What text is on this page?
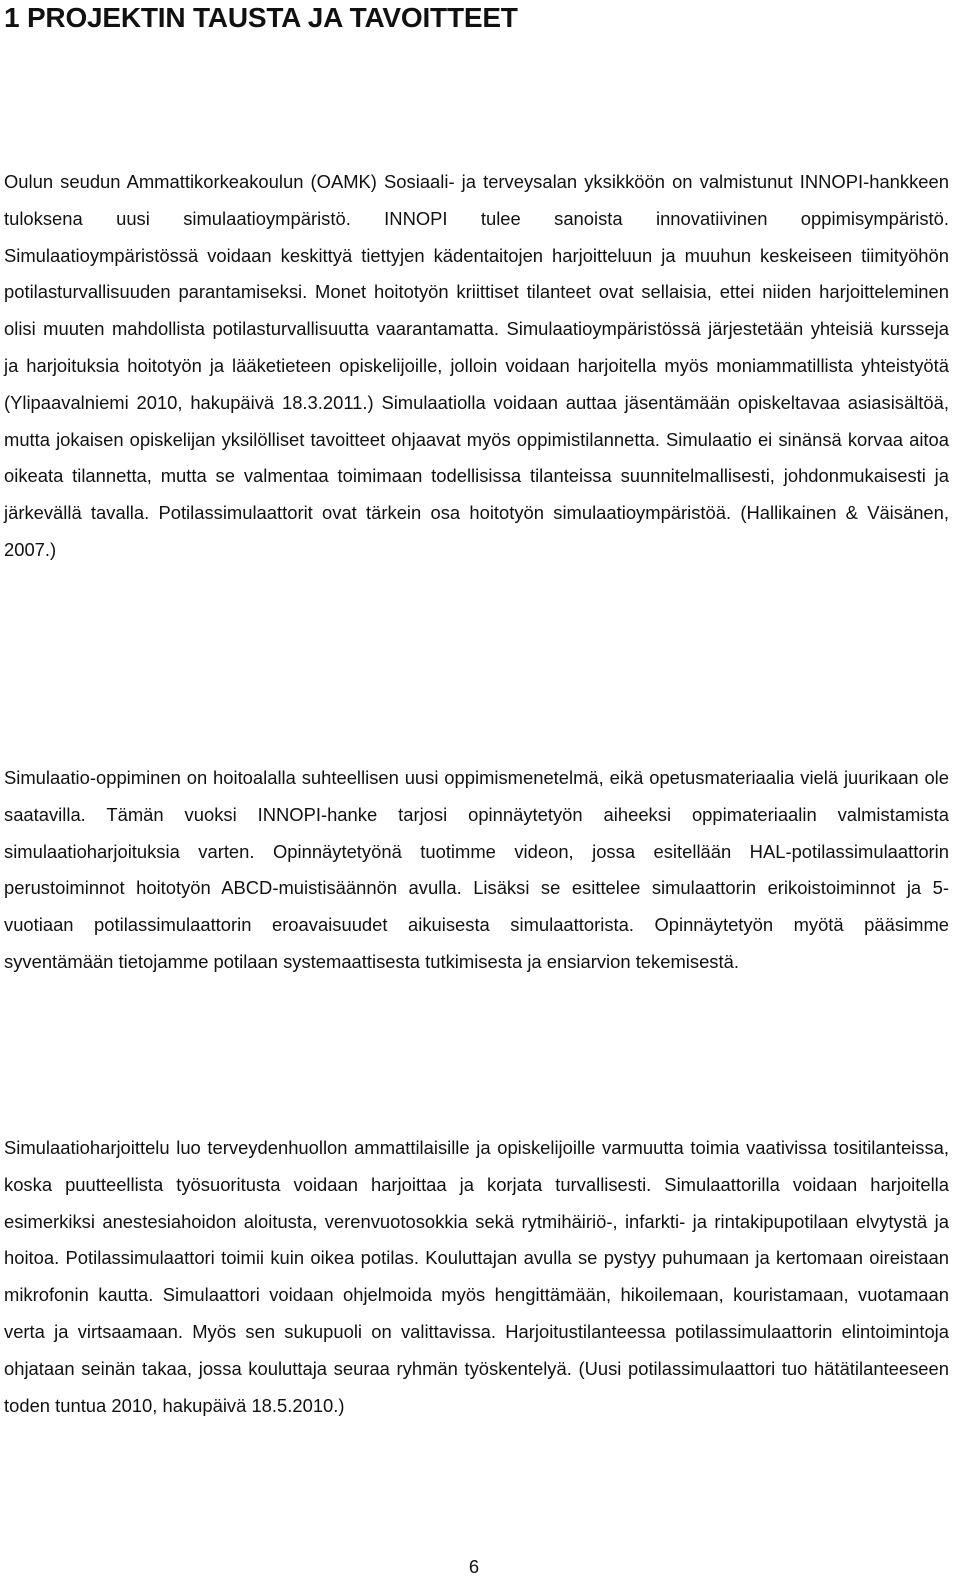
1 PROJEKTIN TAUSTA JA TAVOITTEET

Oulun seudun Ammattikorkeakoulun (OAMK) Sosiaali- ja terveysalan yksikköön on valmistunut INNOPI-hankkeen tuloksena uusi simulaatioympäristö. INNOPI tulee sanoista innovatiivinen oppimisympäristö. Simulaatioympäristössä voidaan keskittyä tiettyjen kädentaitojen harjoitteluun ja muuhun keskeiseen tiimityöhön potilasturvallisuuden parantamiseksi. Monet hoitotyön kriittiset tilanteet ovat sellaisia, ettei niiden harjoitteleminen olisi muuten mahdollista potilasturvallisuutta vaarantamatta. Simulaatioympäristössä järjestetään yhteisiä kursseja ja harjoituksia hoitotyön ja lääketieteen opiskelijoille, jolloin voidaan harjoitella myös moniammatillista yhteistyötä (Ylipaavalniemi 2010, hakupäivä 18.3.2011.) Simulaatiolla voidaan auttaa jäsentämään opiskeltavaa asiasisältöä, mutta jokaisen opiskelijan yksilölliset tavoitteet ohjaavat myös oppimistilannetta. Simulaatio ei sinänsä korvaa aitoa oikeata tilannetta, mutta se valmentaa toimimaan todellisissa tilanteissa suunnitelmallisesti, johdonmukaisesti ja järkevällä tavalla. Potilassimulaattorit ovat tärkein osa hoitotyön simulaatioympäristöä. (Hallikainen & Väisänen, 2007.)

Simulaatio-oppiminen on hoitoalalla suhteellisen uusi oppimismenetelmä, eikä opetusmateriaalia vielä juurikaan ole saatavilla. Tämän vuoksi INNOPI-hanke tarjosi opinnäytetyön aiheeksi oppimateriaalin valmistamista simulaatioharjoituksia varten. Opinnäytetyönä tuotimme videon, jossa esitellään HAL-potilassimulaattorin perustoiminnot hoitotyön ABCD-muistisäännön avulla. Lisäksi se esittelee simulaattorin erikoistoiminnot ja 5-vuotiaan potilassimulaattorin eroavaisuudet aikuisesta simulaattorista. Opinnäytetyön myötä pääsimme syventämään tietojamme potilaan systemaattisesta tutkimisesta ja ensiarvion tekemisestä.

Simulaatioharjoittelu luo terveydenhuollon ammattilaisille ja opiskelijoille varmuutta toimia vaativissa tositilanteissa, koska puutteellista työsuoritusta voidaan harjoittaa ja korjata turvallisesti. Simulaattorilla voidaan harjoitella esimerkiksi anestesiahoidon aloitusta, verenvuotosokkia sekä rytmihäiriö-, infarkti- ja rintakipupotilaan elvytystä ja hoitoa. Potilassimulaattori toimii kuin oikea potilas. Kouluttajan avulla se pystyy puhumaan ja kertomaan oireistaan mikrofonin kautta. Simulaattori voidaan ohjelmoida myös hengittämään, hikoilemaan, kouristamaan, vuotamaan verta ja virtsaamaan. Myös sen sukupuoli on valittavissa. Harjoitustilanteessa potilassimulaattorin elintoimintoja ohjataan seinän takaa, jossa kouluttaja seuraa ryhmän työskentelyä. (Uusi potilassimulaattori tuo hätätilanteeseen toden tuntua 2010, hakupäivä 18.5.2010.)

6
